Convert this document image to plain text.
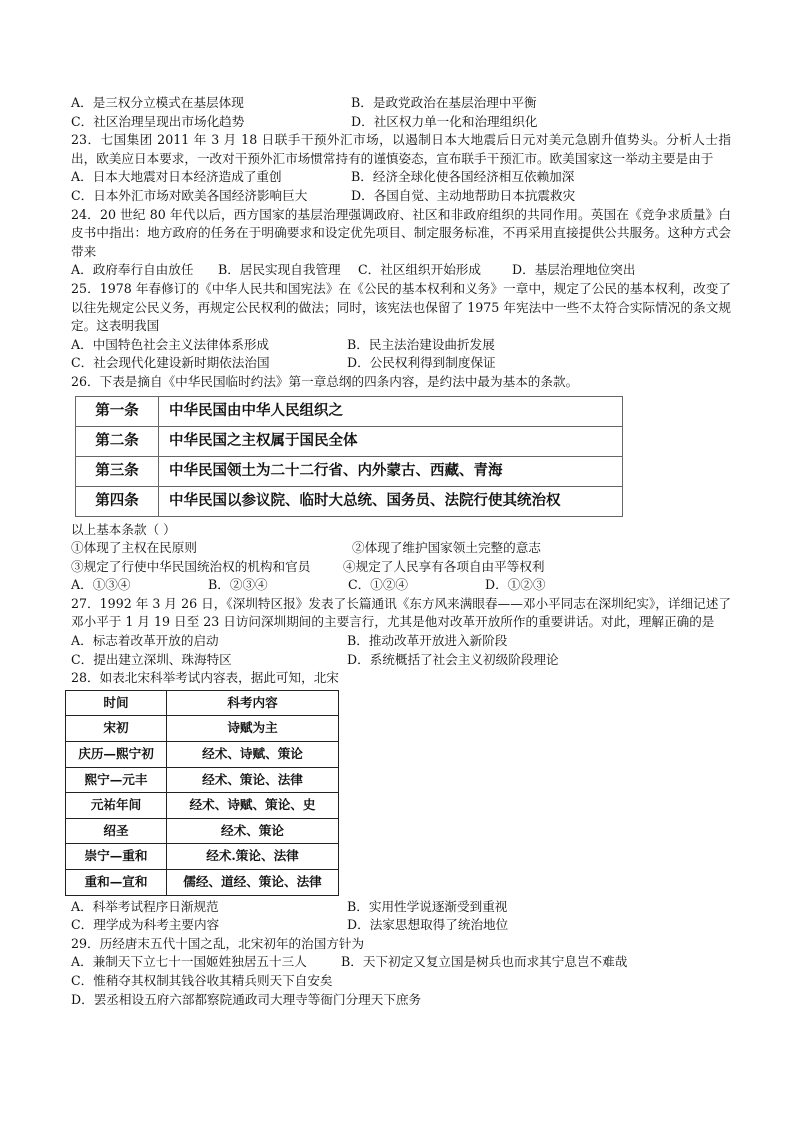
A．是三权分立模式在基层体现	B．是政党政治在基层治理中平衡
C．社区治理呈现出市场化趋势	D．社区权力单一化和治理组织化
23．七国集团 2011 年 3 月 18 日联手干预外汇市场，以遏制日本大地震后日元对美元急剧升值势头。分析人士指出，欧美应日本要求，一改对干预外汇市场惯常持有的谨慎姿态，宣布联手干预汇市。欧美国家这一举动主要是由于
A．日本大地震对日本经济造成了重创	B．经济全球化使各国经济相互依赖加深
C．日本外汇市场对欧美各国经济影响巨大	D．各国自觉、主动地帮助日本抗震救灾
24．20 世纪 80 年代以后，西方国家的基层治理强调政府、社区和非政府组织的共同作用。英国在《竞争求质量》白皮书中指出：地方政府的任务在于明确要求和设定优先项目、制定服务标准，不再采用直接提供公共服务。这种方式会带来
A．政府奉行自由放任 B．居民实现自我管理 C．社区组织开始形成 D．基层治理地位突出
25．1978 年春修订的《中华人民共和国宪法》在《公民的基本权利和义务》一章中，规定了公民的基本权利，改变了以往先规定公民义务，再规定公民权利的做法；同时，该宪法也保留了 1975 年宪法中一些不太符合实际情况的条文规定。这表明我国
A．中国特色社会主义法律体系形成	B．民主法治建设曲折发展
C．社会现代化建设新时期依法治国	D．公民权利得到制度保证
26．下表是摘自《中华民国临时约法》第一章总纲的四条内容，是约法中最为基本的条款。
第一条	中华民国由中华人民组织之
第二条	中华民国之主权属于国民全体
第三条	中华民国领土为二十二行省、内外蒙古、西藏、青海
第四条	中华民国以参议院、临时大总统、国务员、法院行使其统治权
以上基本条款（ ）
①体现了主权在民原则	②体现了维护国家领土完整的意志
③规定了行使中华民国统治权的机构和官员	④规定了人民享有各项自由平等权利
A．①③④	B．②③④	C．①②④	D．①②③
27．1992 年 3 月 26 日，《深圳特区报》发表了长篇通讯《东方风来满眼春——邓小平同志在深圳纪实》，详细记述了邓小平于 1 月 19 日至 23 日访问深圳期间的主要言行，尤其是他对改革开放所作的重要讲话。对此，理解正确的是
A．标志着改革开放的启动	B．推动改革开放进入新阶段
C．提出建立深圳、珠海特区	D．系统概括了社会主义初级阶段理论
28．如表北宋科举考试内容表，据此可知，北宋
时间	科考内容
宋初	诗赋为主
庆历—熙宁初	经术、诗赋、策论
熙宁—元丰	经术、策论、法律
元祐年间	经术、诗赋、策论、史
绍圣	经术、策论
崇宁—重和	经术.策论、法律
重和—宣和	儒经、道经、策论、法律
A．科举考试程序日渐规范	B．实用性学说逐渐受到重视
C．理学成为科考主要内容	D．法家思想取得了统治地位
29．历经唐末五代十国之乱，北宋初年的治国方针为
A．兼制天下立七十一国姬姓独居五十三人	B．天下初定又复立国是树兵也而求其宁息岂不难哉
C．惟稍夺其权制其钱谷收其精兵则天下自安矣
D．罢丞相设五府六部都察院通政司大理寺等衙门分理天下庶务
